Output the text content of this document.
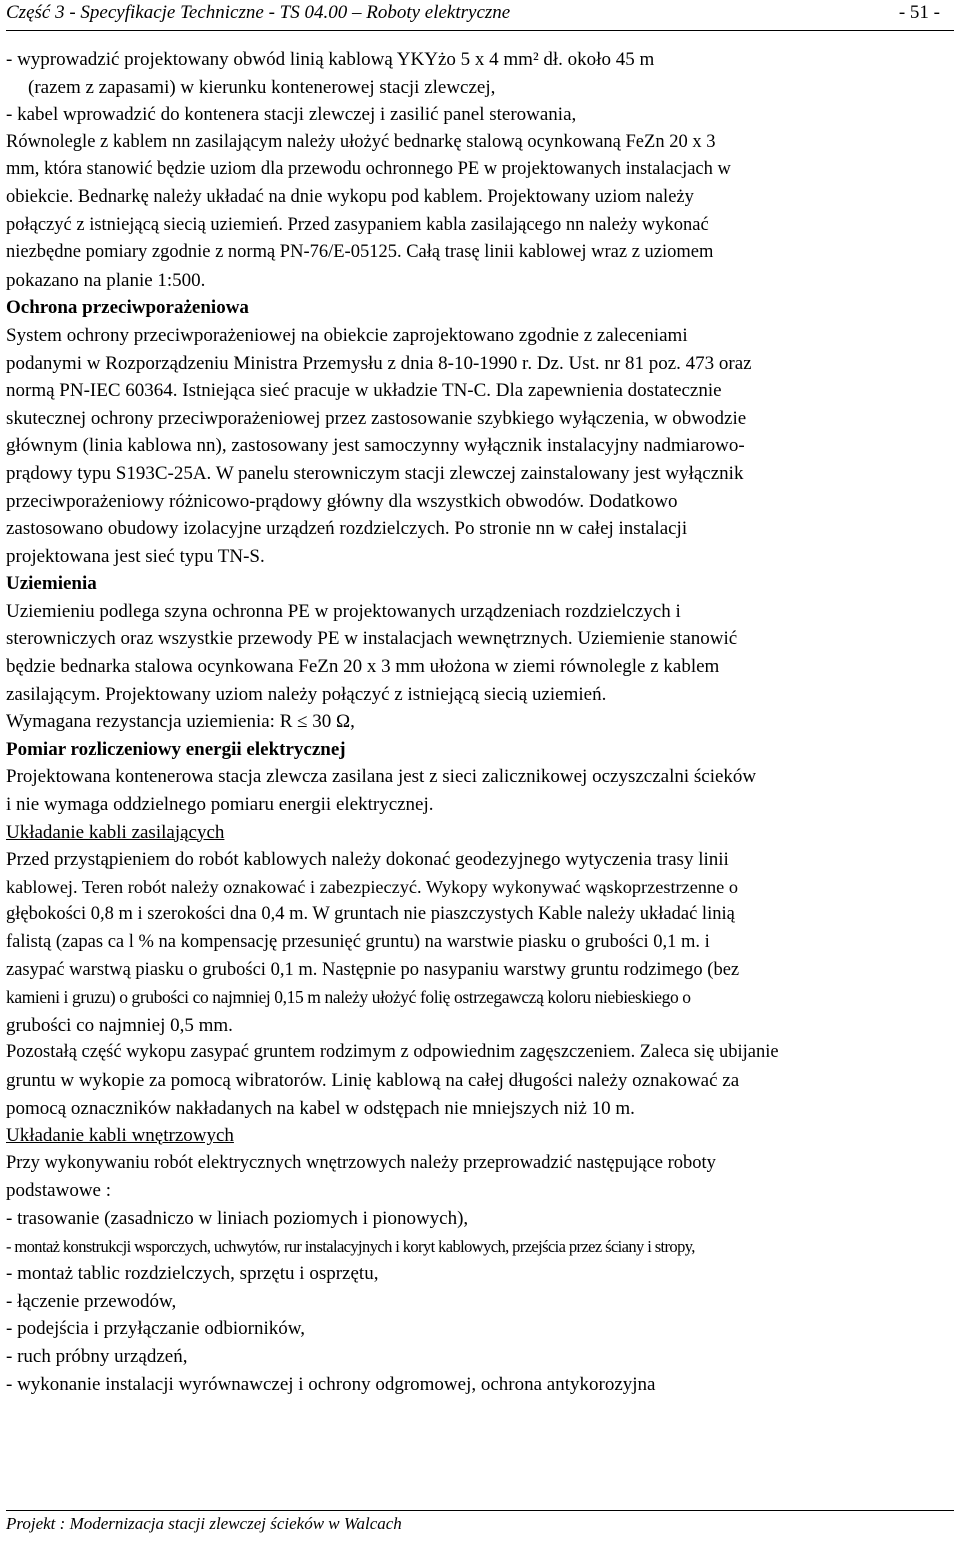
Część 3 - Specyfikacje Techniczne - TS 04.00 – Roboty elektryczne	- 51 -
- wyprowadzić projektowany obwód linią kablową YKYżo 5 x 4 mm² dł. około 45 m
(razem z zapasami) w kierunku kontenerowej stacji zlewczej,
- kabel wprowadzić do kontenera stacji zlewczej i zasilić panel sterowania,
Równolegle z kablem nn zasilającym należy ułożyć bednarkę stalową ocynkowaną FeZn 20 x 3
mm, która stanowić będzie uziom dla przewodu ochronnego PE w projektowanych instalacjach w
obiekcie. Bednarkę należy układać na dnie wykopu pod kablem. Projektowany uziom należy
połączyć z istniejącą siecią uziemień. Przed zasypaniem kabla zasilającego nn należy wykonać
niezbędne pomiary zgodnie z normą PN-76/E-05125. Całą trasę linii kablowej wraz z uziomem
pokazano na planie 1:500.
Ochrona przeciwporażeniowa
System ochrony przeciwporażeniowej na obiekcie zaprojektowano zgodnie z zaleceniami
podanymi w Rozporządzeniu Ministra Przemysłu z dnia 8-10-1990 r. Dz. Ust. nr 81 poz. 473 oraz
normą PN-IEC 60364. Istniejąca sieć pracuje w układzie TN-C. Dla zapewnienia dostatecznie
skutecznej ochrony przeciwporażeniowej przez zastosowanie szybkiego wyłączenia, w obwodzie
głównym (linia kablowa nn), zastosowany jest samoczynny wyłącznik instalacyjny nadmiarowo-
prądowy typu S193C-25A. W panelu sterowniczym stacji zlewczej zainstalowany jest wyłącznik
przeciwporażeniowy różnicowo-prądowy główny dla wszystkich obwodów. Dodatkowo
zastosowano obudowy izolacyjne urządzeń rozdzielczych. Po stronie nn w całej instalacji
projektowana jest sieć typu TN-S.
Uziemienia
Uziemieniu podlega szyna ochronna PE w projektowanych urządzeniach rozdzielczych i
sterowniczych oraz wszystkie przewody PE w instalacjach wewnętrznych. Uziemienie stanowić
będzie bednarka stalowa ocynkowana FeZn 20 x 3 mm ułożona w ziemi równolegle z kablem
zasilającym. Projektowany uziom należy połączyć z istniejącą siecią uziemień.
Wymagana rezystancja uziemienia: R ≤ 30 Ω,
Pomiar rozliczeniowy energii elektrycznej
Projektowana kontenerowa stacja zlewcza zasilana jest z sieci zalicznikowej oczyszczalni ścieków
i nie wymaga oddzielnego pomiaru energii elektrycznej.
Układanie kabli zasilających
Przed przystąpieniem do robót kablowych należy dokonać geodezyjnego wytyczenia trasy linii
kablowej. Teren robót należy oznakować i zabezpieczyć. Wykopy wykonywać wąskoprzestrzenne o
głębokości 0,8 m i szerokości dna 0,4 m. W gruntach nie piaszczystych Kable należy układać linią
falistą (zapas ca l % na kompensację przesunięć gruntu) na warstwie piasku o grubości 0,1 m. i
zasypać warstwą piasku o grubości 0,1 m. Następnie po nasypaniu warstwy gruntu rodzimego (bez
kamieni i gruzu) o grubości co najmniej 0,15 m należy ułożyć folię ostrzegawczą koloru niebieskiego o
grubości co najmniej 0,5 mm.
Pozostałą część wykopu zasypać gruntem rodzimym z odpowiednim zagęszczeniem. Zaleca się ubijanie
gruntu w wykopie za pomocą wibratorów. Linię kablową na całej długości należy oznakować za
pomocą oznaczników nakładanych na kabel w odstępach nie mniejszych niż 10 m.
Układanie kabli wnętrzowych
Przy wykonywaniu robót elektrycznych wnętrzowych należy przeprowadzić następujące roboty
podstawowe :
- trasowanie (zasadniczo w liniach poziomych i pionowych),
- montaż konstrukcji wsporczych, uchwytów, rur instalacyjnych i koryt kablowych, przejścia przez ściany i stropy,
- montaż tablic rozdzielczych, sprzętu i osprzętu,
- łączenie przewodów,
- podejścia i przyłączanie odbiorników,
- ruch próbny urządzeń,
- wykonanie instalacji wyrównawczej i ochrony odgromowej, ochrona antykorozyjna
Projekt : Modernizacja stacji zlewczej ścieków w Walcach
